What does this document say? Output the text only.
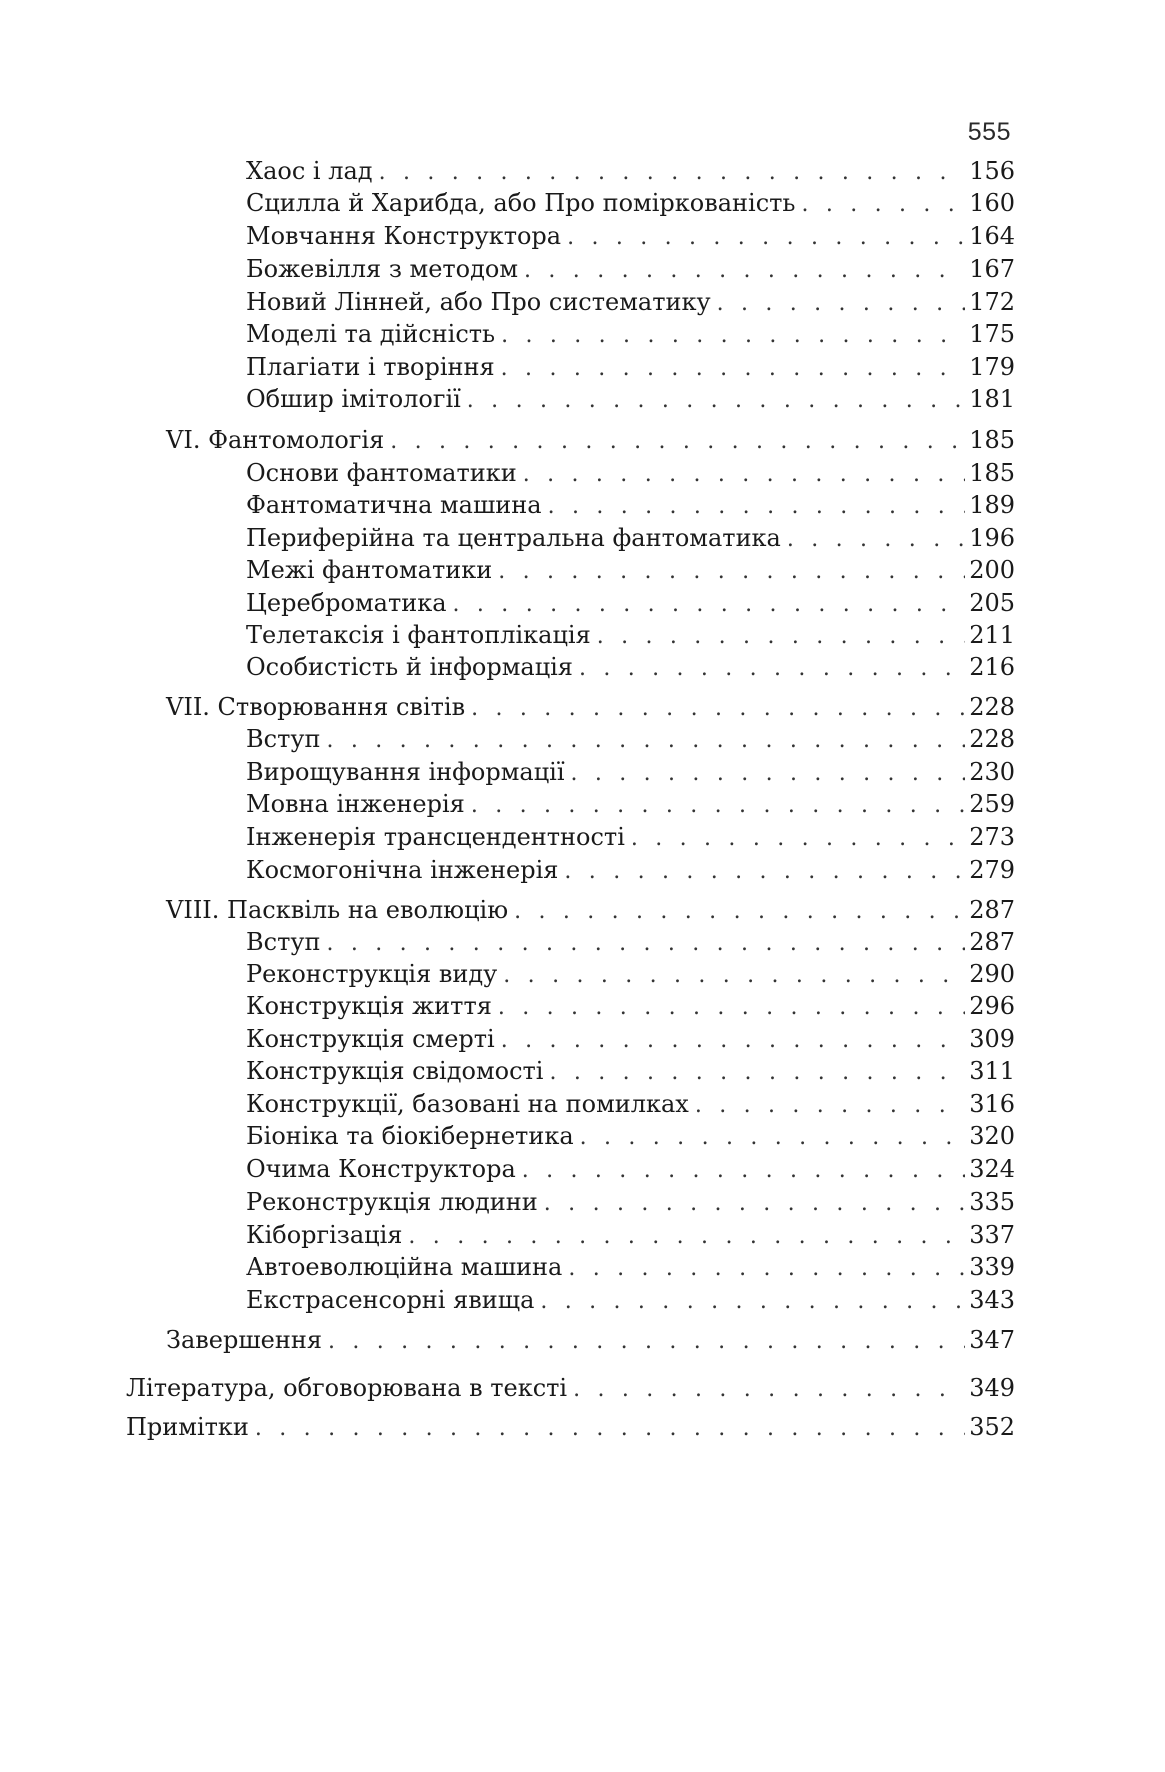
555
Хаос і лад . . .	156
Сцилла й Харибда, або Про поміркованість . . .	160
Мовчання Конструктора . . .	164
Божевілля з методом . . .	167
Новий Лінней, або Про систематику . . .	172
Моделі та дійсність . . .	175
Плагіати і творіння . . .	179
Обшир імітології . . .	181
VI. Фантомологія . . .	185
Основи фантоматики . . .	185
Фантоматична машина . . .	189
Периферійна та центральна фантоматика . . .	196
Межі фантоматики . . .	200
Цереброматика . . .	205
Телетаксія і фантоплікація . . .	211
Особистість й інформація . . .	216
VII. Створювання світів . . .	228
Вступ . . .	228
Вирощування інформації . . .	230
Мовна інженерія . . .	259
Інженерія трансцендентності . . .	273
Космогонічна інженерія . . .	279
VIII. Пасквіль на еволюцію . . .	287
Вступ . . .	287
Реконструкція виду . . .	290
Конструкція життя . . .	296
Конструкція смерті . . .	309
Конструкція свідомості . . .	311
Конструкції, базовані на помилках . . .	316
Біоніка та біокібернетика . . .	320
Очима Конструктора . . .	324
Реконструкція людини . . .	335
Кіборгізація . . .	337
Автоеволюційна машина . . .	339
Екстрасенсорні явища . . .	343
Завершення . . .	347
Література, обговорювана в тексті . . .	349
Примітки . . .	352
